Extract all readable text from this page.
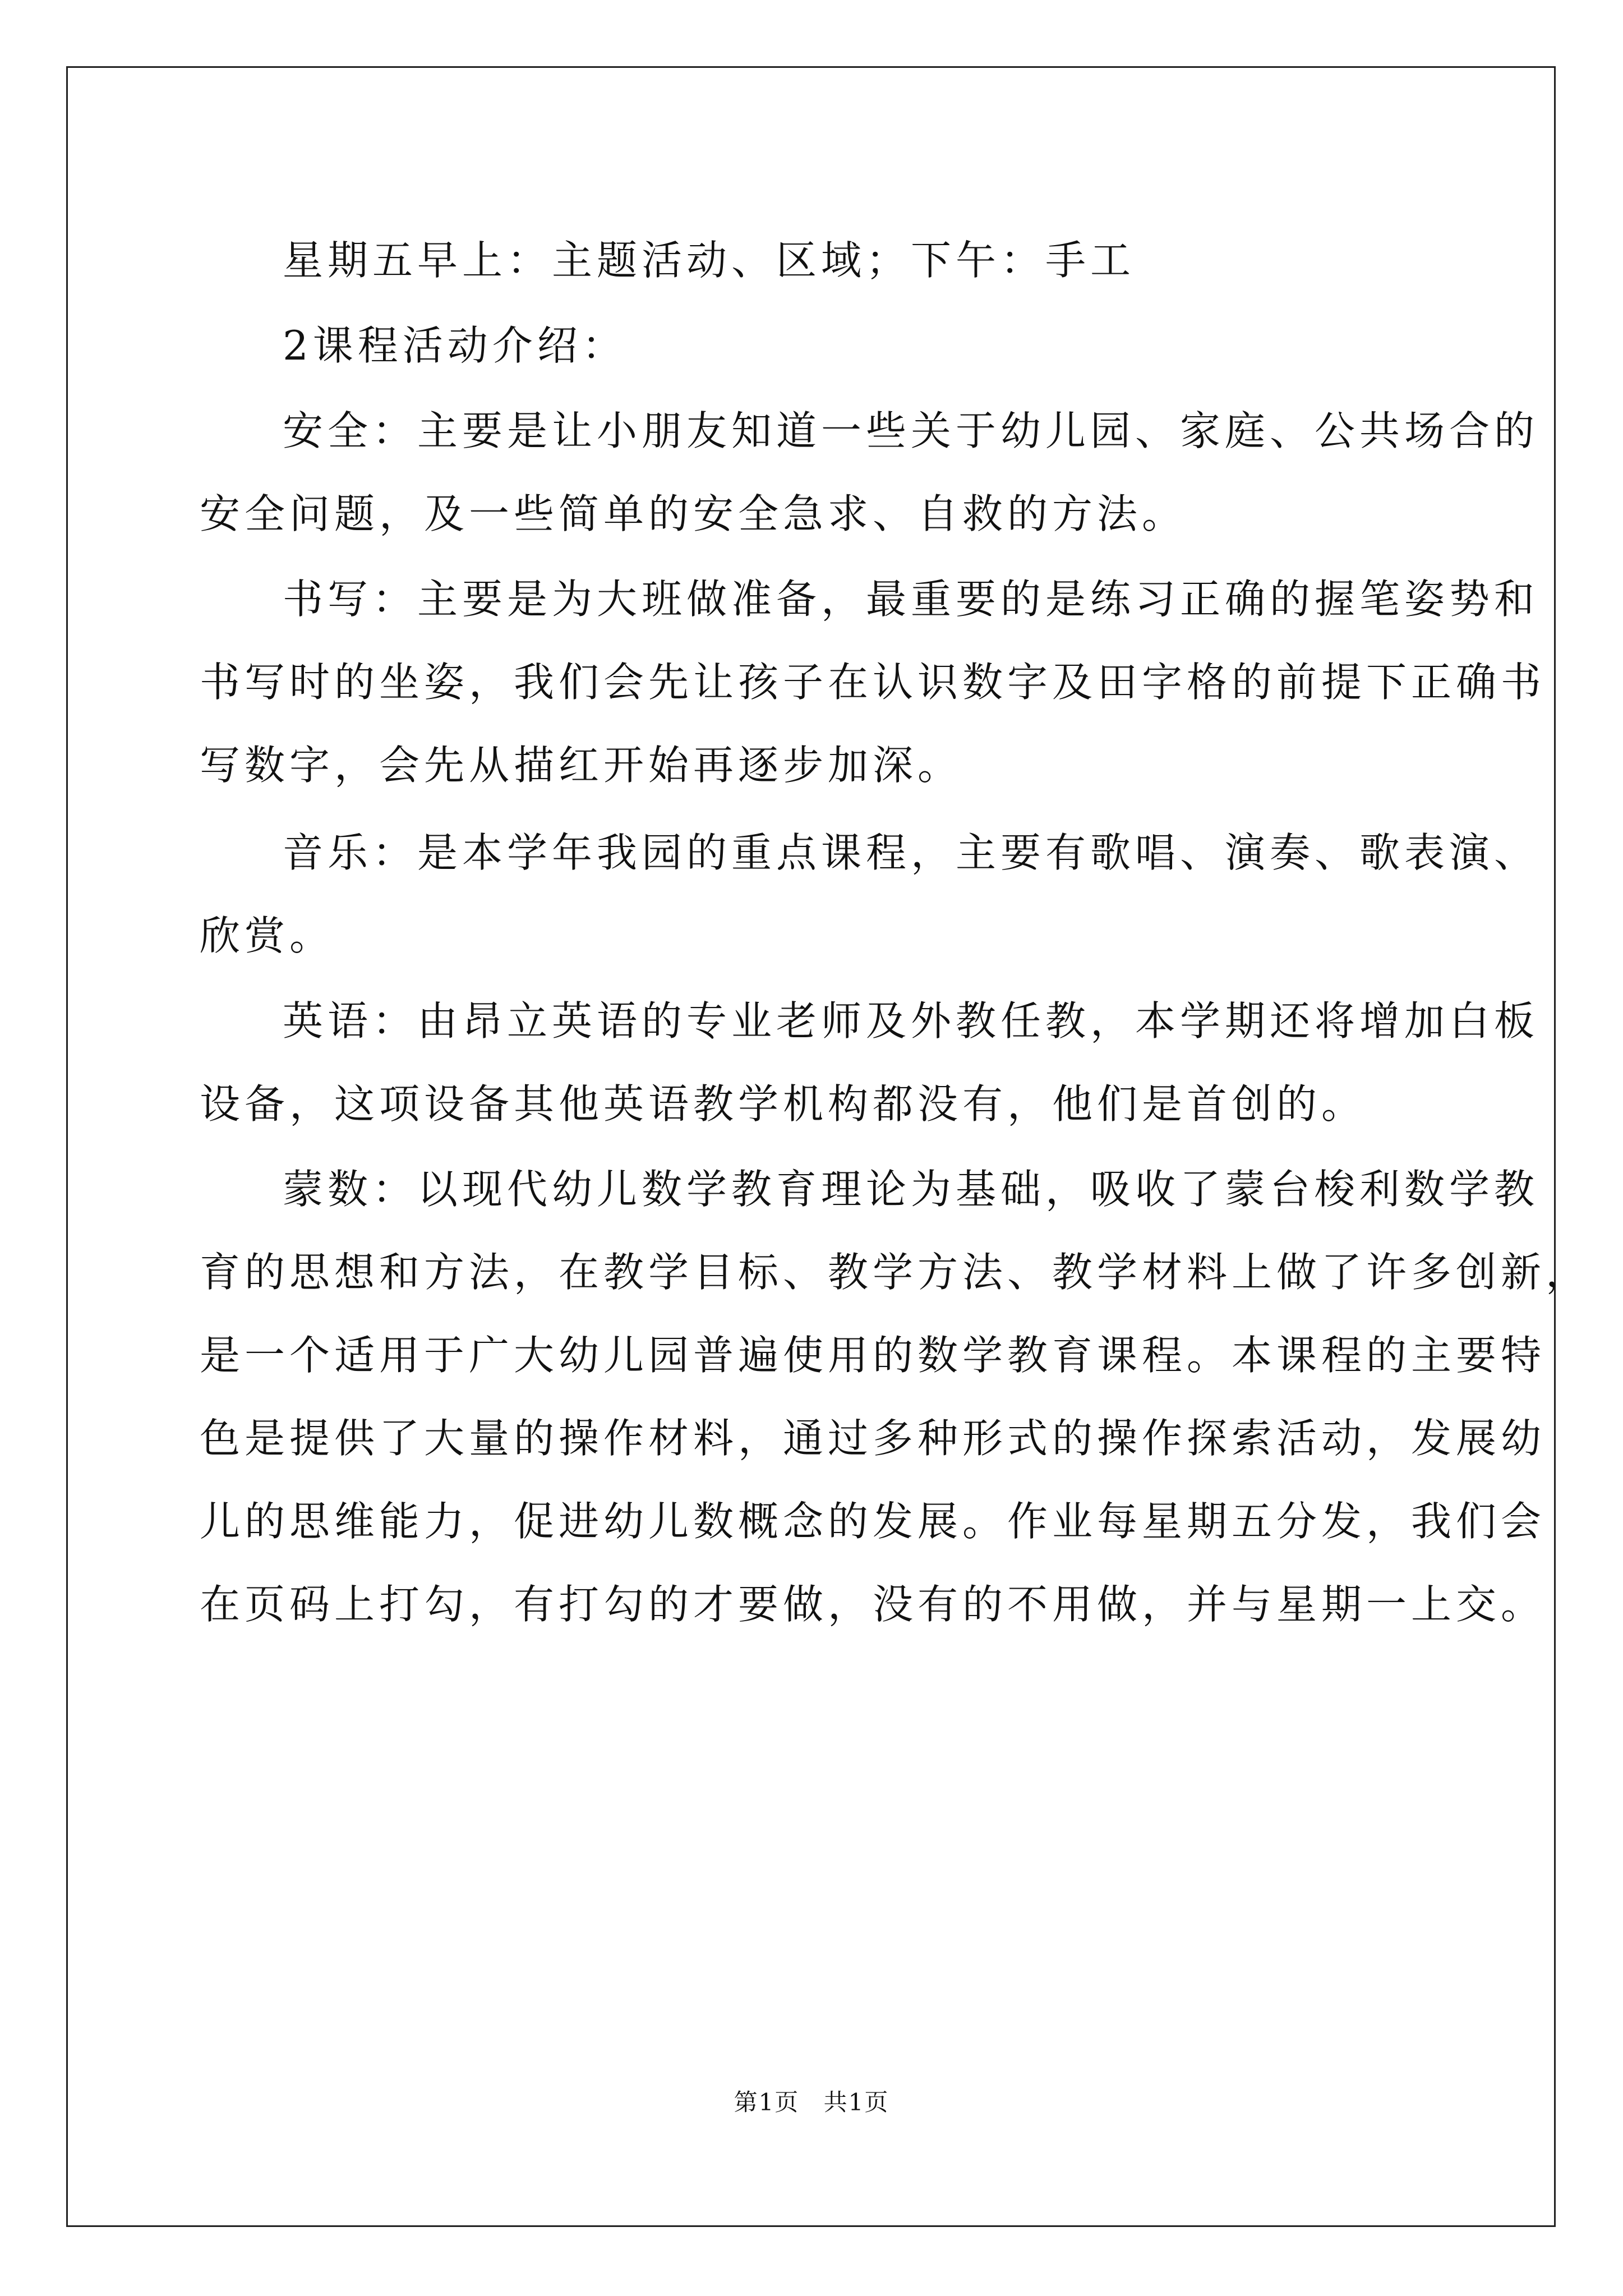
星期五早上：主题活动、区域；下午：手工
2课程活动介绍：
安全：主要是让小朋友知道一些关于幼儿园、家庭、公共场合的
安全问题，及一些简单的安全急求、自救的方法。
书写：主要是为大班做准备，最重要的是练习正确的握笔姿势和
书写时的坐姿，我们会先让孩子在认识数字及田字格的前提下正确书
写数字，会先从描红开始再逐步加深。
音乐：是本学年我园的重点课程，主要有歌唱、演奏、歌表演、
欣赏。
英语：由昂立英语的专业老师及外教任教，本学期还将增加白板
设备，这项设备其他英语教学机构都没有，他们是首创的。
蒙数：以现代幼儿数学教育理论为基础，吸收了蒙台梭利数学教
育的思想和方法，在教学目标、教学方法、教学材料上做了许多创新，
是一个适用于广大幼儿园普遍使用的数学教育课程。本课程的主要特
色是提供了大量的操作材料，通过多种形式的操作探索活动，发展幼
儿的思维能力，促进幼儿数概念的发展。作业每星期五分发，我们会
在页码上打勾，有打勾的才要做，没有的不用做，并与星期一上交。
第1页 共1页
